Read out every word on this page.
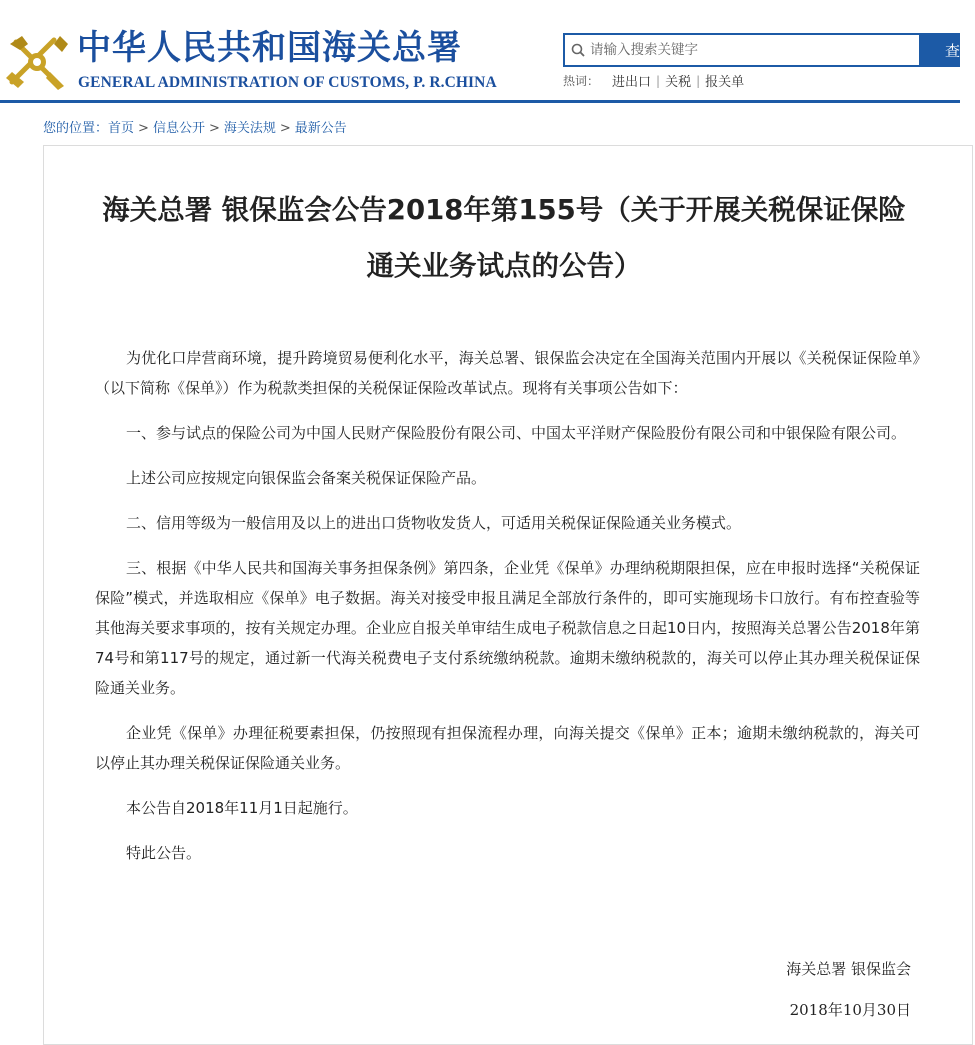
中华人民共和国海关总署
GENERAL ADMINISTRATION OF CUSTOMS, P. R.CHINA
请输入搜索关键字
查询
热词：	进出口 | 关税 | 报关单
您的位置：首页 > 信息公开 > 海关法规 > 最新公告
海关总署 银保监会公告2018年第155号（关于开展关税保证保险
通关业务试点的公告）

为优化口岸营商环境，提升跨境贸易便利化水平，海关总署、银保监会决定在全国海关范围内开展以《关税保证保险单》（以下简称《保单》）作为税款类担保的关税保证保险改革试点。现将有关事项公告如下：

一、参与试点的保险公司为中国人民财产保险股份有限公司、中国太平洋财产保险股份有限公司和中银保险有限公司。

上述公司应按规定向银保监会备案关税保证保险产品。

二、信用等级为一般信用及以上的进出口货物收发货人，可适用关税保证保险通关业务模式。

三、根据《中华人民共和国海关事务担保条例》第四条，企业凭《保单》办理纳税期限担保，应在申报时选择“关税保证保险”模式，并选取相应《保单》电子数据。海关对接受申报且满足全部放行条件的，即可实施现场卡口放行。有布控查验等其他海关要求事项的，按有关规定办理。企业应自报关单审结生成电子税款信息之日起10日内，按照海关总署公告2018年第74号和第117号的规定，通过新一代海关税费电子支付系统缴纳税款。逾期未缴纳税款的，海关可以停止其办理关税保证保险通关业务。

企业凭《保单》办理征税要素担保，仍按照现有担保流程办理，向海关提交《保单》正本；逾期未缴纳税款的，海关可以停止其办理关税保证保险通关业务。

本公告自2018年11月1日起施行。

特此公告。

海关总署 银保监会
2018年10月30日
